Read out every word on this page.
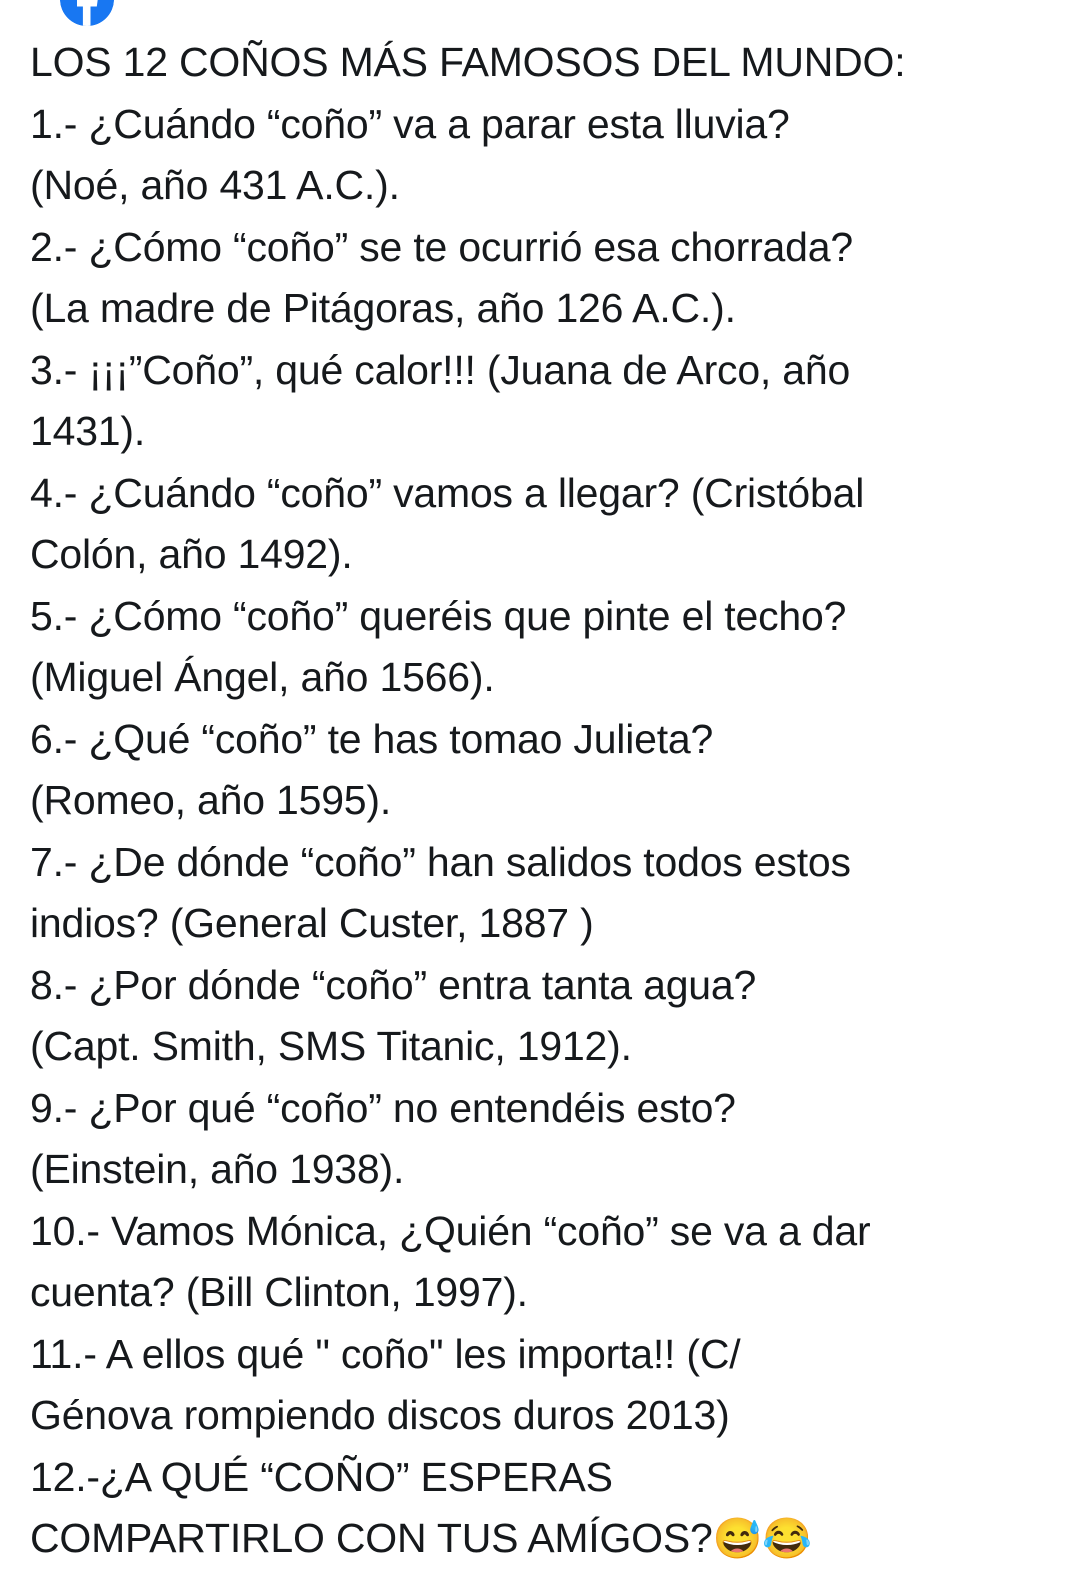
LOS 12 COÑOS MÁS FAMOSOS DEL MUNDO:
1.- ¿Cuándo “coño” va a parar esta lluvia?
(Noé, año 431 A.C.).
2.- ¿Cómo “coño” se te ocurrió esa chorrada?
(La madre de Pitágoras, año 126 A.C.).
3.- ¡¡¡”Coño”, qué calor!!! (Juana de Arco, año
1431).
4.- ¿Cuándo “coño” vamos a llegar? (Cristóbal
Colón, año 1492).
5.- ¿Cómo “coño” queréis que pinte el techo?
(Miguel Ángel, año 1566).
6.- ¿Qué “coño” te has tomao Julieta?
(Romeo, año 1595).
7.- ¿De dónde “coño” han salidos todos estos
indios? (General Custer, 1887 )
8.- ¿Por dónde “coño” entra tanta agua?
(Capt. Smith, SMS Titanic, 1912).
9.- ¿Por qué “coño” no entendéis esto?
(Einstein, año 1938).
10.- Vamos Mónica, ¿Quién “coño” se va a dar
cuenta? (Bill Clinton, 1997).
11.- A ellos qué " coño" les importa!! (C/
Génova rompiendo discos duros 2013)
12.-¿A QUÉ “COÑO” ESPERAS
COMPARTIRLO CON TUS AMÍGOS?😅😂
